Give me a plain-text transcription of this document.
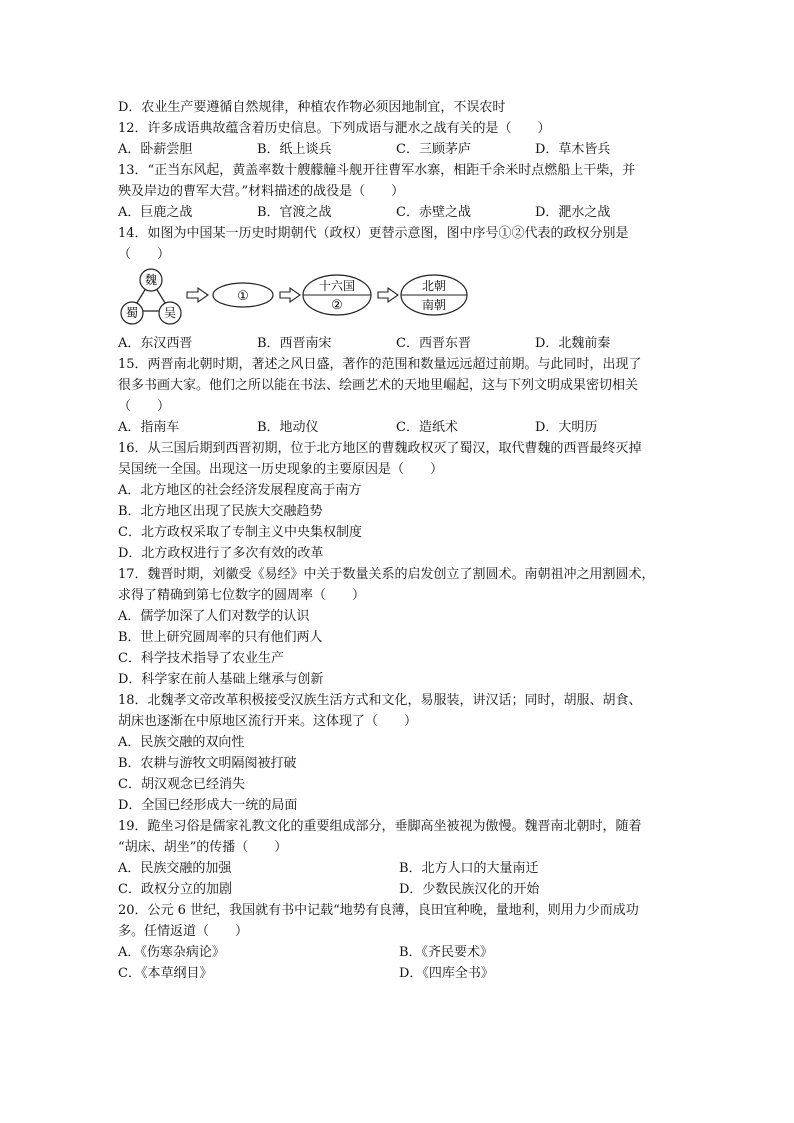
D．农业生产要遵循自然规律，种植农作物必须因地制宜，不误农时
12．许多成语典故蕴含着历史信息。下列成语与淝水之战有关的是（　　）
A．卧薪尝胆	B．纸上谈兵	C．三顾茅庐	D．草木皆兵
13．“正当东风起，黄盖率数十艘艨艟斗舰开往曹军水寨，相距千余米时点燃船上干柴，并
殃及岸边的曹军大营。”材料描述的战役是（　　）
A．巨鹿之战	B．官渡之战	C．赤壁之战	D．淝水之战
14．如图为中国某一历史时期朝代（政权）更替示意图，图中序号①②代表的政权分别是
（　　）
魏
蜀 吴
①
十六国
②
北朝
南朝
A．东汉西晋	B．西晋南宋	C．西晋东晋	D．北魏前秦
15．两晋南北朝时期，著述之风日盛，著作的范围和数量远远超过前期。与此同时，出现了
很多书画大家。他们之所以能在书法、绘画艺术的天地里崛起，这与下列文明成果密切相关
（　　）
A．指南车	B．地动仪	C．造纸术	D．大明历
16．从三国后期到西晋初期，位于北方地区的曹魏政权灭了蜀汉，取代曹魏的西晋最终灭掉
吴国统一全国。出现这一历史现象的主要原因是（　　）
A．北方地区的社会经济发展程度高于南方
B．北方地区出现了民族大交融趋势
C．北方政权采取了专制主义中央集权制度
D．北方政权进行了多次有效的改革
17．魏晋时期，刘徽受《易经》中关于数量关系的启发创立了割圆术。南朝祖冲之用割圆术，
求得了精确到第七位数字的圆周率（　　）
A．儒学加深了人们对数学的认识
B．世上研究圆周率的只有他们两人
C．科学技术指导了农业生产
D．科学家在前人基础上继承与创新
18．北魏孝文帝改革积极接受汉族生活方式和文化，易服装，讲汉话；同时，胡服、胡食、
胡床也逐渐在中原地区流行开来。这体现了（　　）
A．民族交融的双向性
B．农耕与游牧文明隔阂被打破
C．胡汉观念已经消失
D．全国已经形成大一统的局面
19．跪坐习俗是儒家礼教文化的重要组成部分，垂脚高坐被视为傲慢。魏晋南北朝时，随着
“胡床、胡坐”的传播（　　）
A．民族交融的加强	B．北方人口的大量南迁
C．政权分立的加剧	D．少数民族汉化的开始
20．公元 6 世纪，我国就有书中记载“地势有良薄，良田宜种晚，量地利，则用力少而成功
多。任情返道（　　）
A．《伤寒杂病论》	B．《齐民要术》
C．《本草纲目》	D．《四库全书》
